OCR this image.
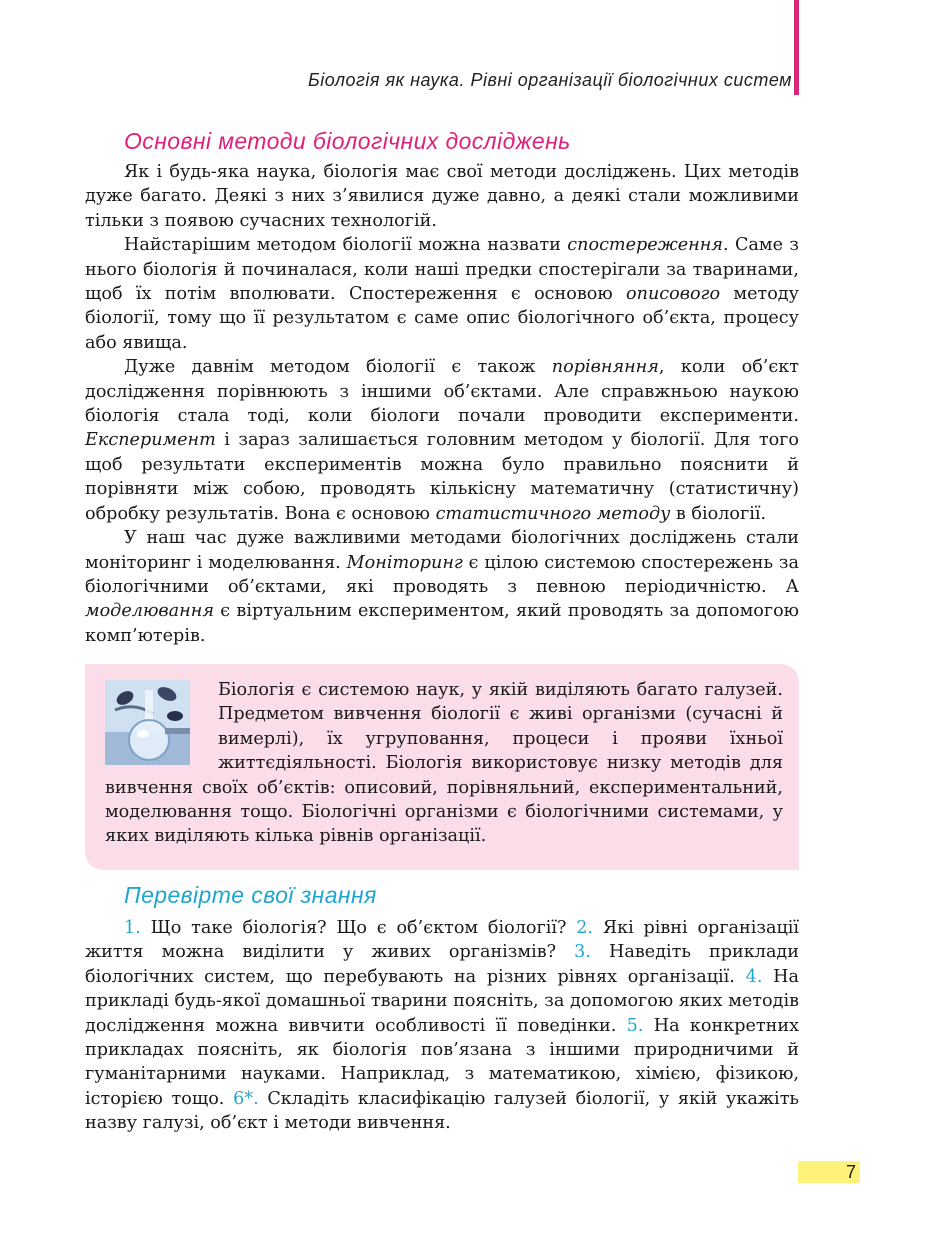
Біологія як наука. Рівні організації біологічних систем
Основні методи біологічних досліджень

Як і будь-яка наука, біологія має свої методи досліджень. Цих методів дуже багато. Деякі з них з’явилися дуже давно, а деякі стали можливими тільки з появою сучасних технологій.

Найстарішим методом біології можна назвати спостереження. Саме з нього біологія й починалася, коли наші предки спостерігали за тваринами, щоб їх потім вполювати. Спостереження є основою описового методу біології, тому що її результатом є саме опис біологічного об’єкта, процесу або явища.

Дуже давнім методом біології є також порівняння, коли об’єкт дослідження порівнюють з іншими об’єктами. Але справжньою наукою біологія стала тоді, коли біологи почали проводити експерименти. Експеримент і зараз залишається головним методом у біології. Для того щоб результати експериментів можна було правильно пояснити й порівняти між собою, проводять кількісну математичну (статистичну) обробку результатів. Вона є основою статистичного методу в біології.

У наш час дуже важливими методами біологічних досліджень стали моніторинг і моделювання. Моніторинг є цілою системою спостережень за біологічними об’єктами, які проводять з певною періодичністю. А моделювання є віртуальним експериментом, який проводять за допомогою комп’ютерів.

Біологія є системою наук, у якій виділяють багато галузей. Предметом вивчення біології є живі організми (сучасні й вимерлі), їх угруповання, процеси і прояви їхньої життєдіяльності. Біологія використовує низку методів для вивчення своїх об’єктів: описовий, порівняльний, експериментальний, моделювання тощо. Біологічні організми є біологічними системами, у яких виділяють кілька рівнів організації.

Перевірте свої знання

1. Що таке біологія? Що є об’єктом біології? 2. Які рівні організації життя можна виділити у живих організмів? 3. Наведіть приклади біологічних систем, що перебувають на різних рівнях організації. 4. На прикладі будь-якої домашньої тварини поясніть, за допомогою яких методів дослідження можна вивчити особливості її поведінки. 5. На конкретних прикладах поясніть, як біологія пов’язана з іншими природничими й гуманітарними науками. Наприклад, з математикою, хімією, фізикою, історією тощо. 6*. Складіть класифікацію галузей біології, у якій укажіть назву галузі, об’єкт і методи вивчення.

7
